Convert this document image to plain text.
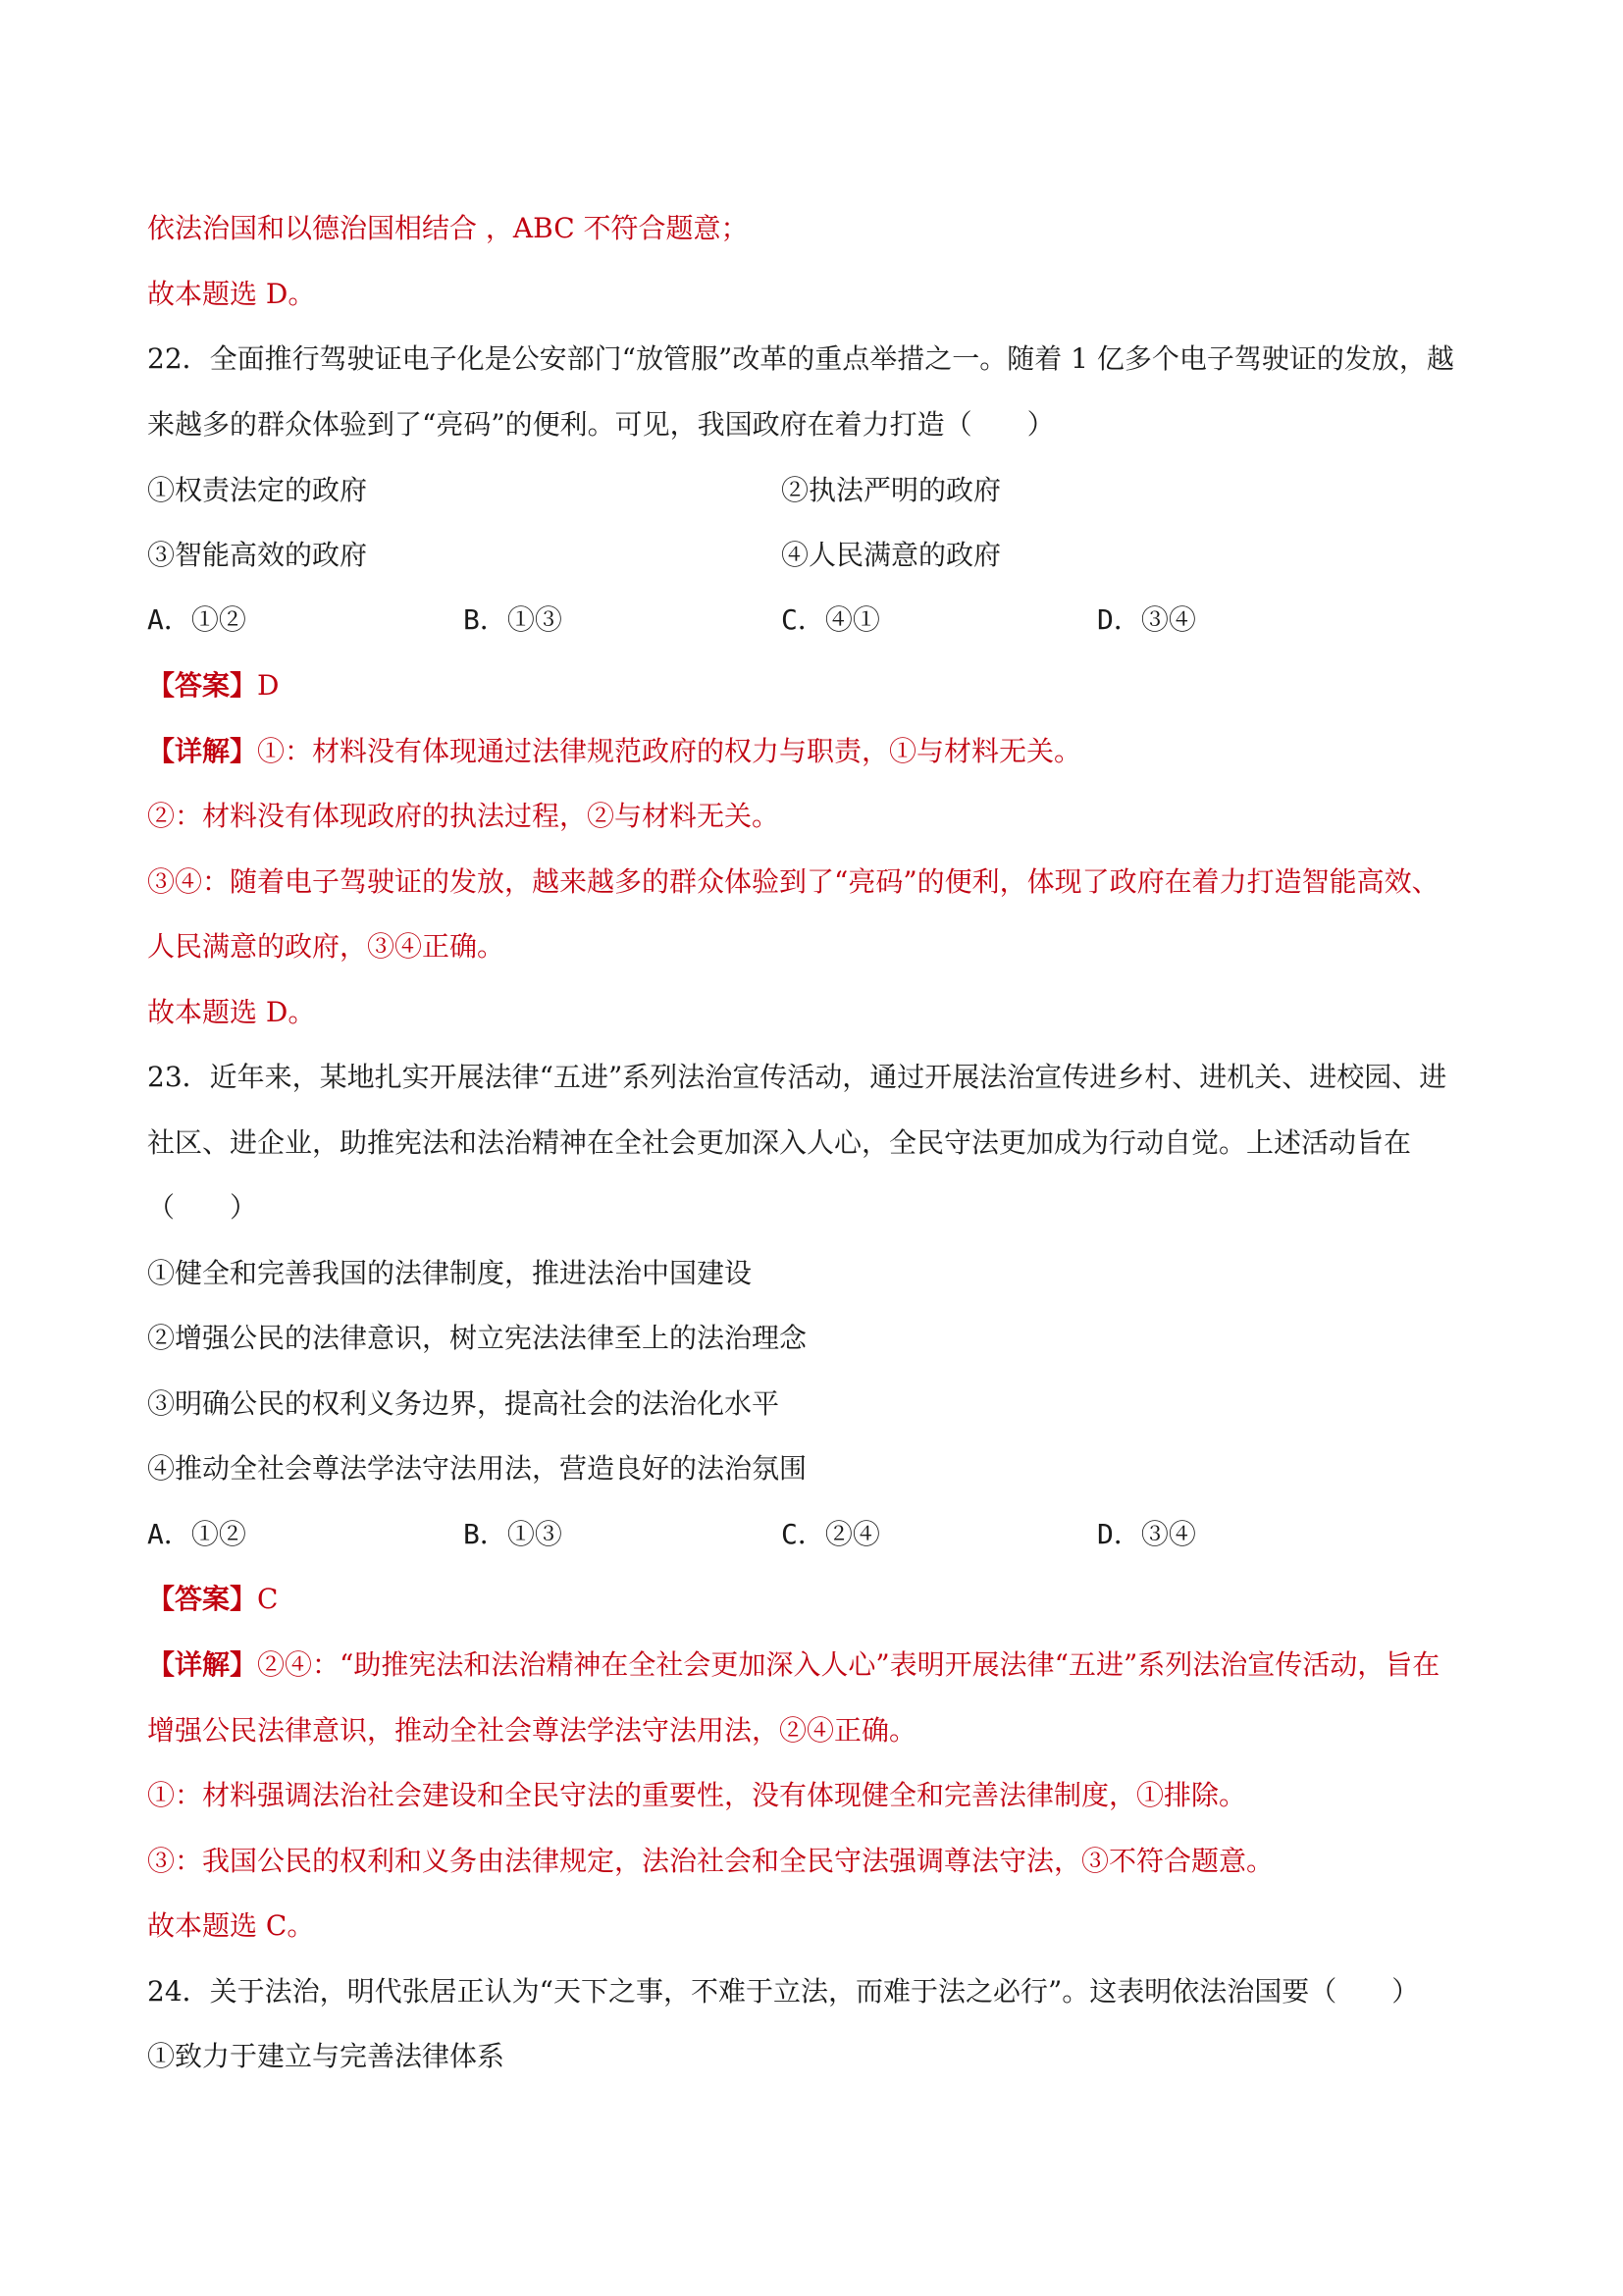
依法治国和以德治国相结合 ，ABC 不符合题意；
故本题选 D。
22．全面推行驾驶证电子化是公安部门“放管服”改革的重点举措之一。随着 1 亿多个电子驾驶证的发放，越
来越多的群众体验到了“亮码”的便利。可见，我国政府在着力打造（　　）
①权责法定的政府	②执法严明的政府
③智能高效的政府	④人民满意的政府
A．①②	B．①③	C．④①	D．③④
【答案】D
【详解】①：材料没有体现通过法律规范政府的权力与职责，①与材料无关。
②：材料没有体现政府的执法过程，②与材料无关。
③④：随着电子驾驶证的发放，越来越多的群众体验到了“亮码”的便利，体现了政府在着力打造智能高效、
人民满意的政府，③④正确。
故本题选 D。
23．近年来，某地扎实开展法律“五进”系列法治宣传活动，通过开展法治宣传进乡村、进机关、进校园、进
社区、进企业，助推宪法和法治精神在全社会更加深入人心，全民守法更加成为行动自觉。上述活动旨在
（　　）
①健全和完善我国的法律制度，推进法治中国建设
②增强公民的法律意识，树立宪法法律至上的法治理念
③明确公民的权利义务边界，提高社会的法治化水平
④推动全社会尊法学法守法用法，营造良好的法治氛围
A．①②	B．①③	C．②④	D．③④
【答案】C
【详解】②④：“助推宪法和法治精神在全社会更加深入人心”表明开展法律“五进”系列法治宣传活动，旨在
增强公民法律意识，推动全社会尊法学法守法用法，②④正确。
①：材料强调法治社会建设和全民守法的重要性，没有体现健全和完善法律制度，①排除。
③：我国公民的权利和义务由法律规定，法治社会和全民守法强调尊法守法，③不符合题意。
故本题选 C。
24．关于法治，明代张居正认为“天下之事，不难于立法，而难于法之必行”。这表明依法治国要（　　）
①致力于建立与完善法律体系
